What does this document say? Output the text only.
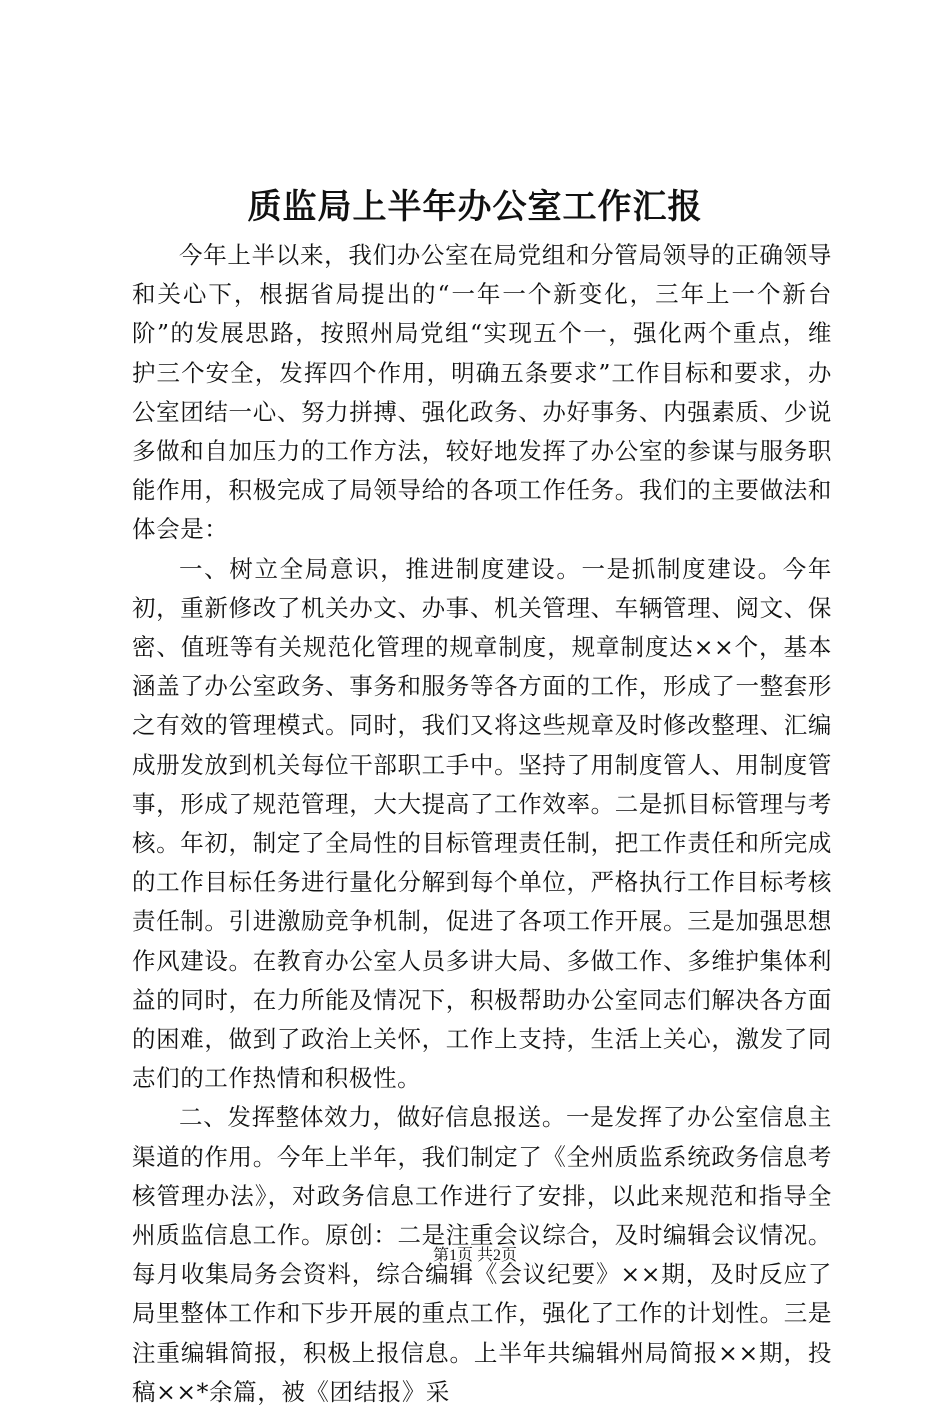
质监局上半年办公室工作汇报

今年上半以来，我们办公室在局党组和分管局领导的正确领导和关心下，根据省局提出的“一年一个新变化，三年上一个新台阶”的发展思路，按照州局党组“实现五个一，强化两个重点，维护三个安全，发挥四个作用，明确五条要求”工作目标和要求，办公室团结一心、努力拼搏、强化政务、办好事务、内强素质、少说多做和自加压力的工作方法，较好地发挥了办公室的参谋与服务职能作用，积极完成了局领导给的各项工作任务。我们的主要做法和体会是：

一、树立全局意识，推进制度建设。一是抓制度建设。今年初，重新修改了机关办文、办事、机关管理、车辆管理、阅文、保密、值班等有关规范化管理的规章制度，规章制度达××个，基本涵盖了办公室政务、事务和服务等各方面的工作，形成了一整套形之有效的管理模式。同时，我们又将这些规章及时修改整理、汇编成册发放到机关每位干部职工手中。坚持了用制度管人、用制度管事，形成了规范管理，大大提高了工作效率。二是抓目标管理与考核。年初，制定了全局性的目标管理责任制，把工作责任和所完成的工作目标任务进行量化分解到每个单位，严格执行工作目标考核责任制。引进激励竞争机制，促进了各项工作开展。三是加强思想作风建设。在教育办公室人员多讲大局、多做工作、多维护集体利益的同时，在力所能及情况下，积极帮助办公室同志们解决各方面的困难，做到了政治上关怀，工作上支持，生活上关心，激发了同志们的工作热情和积极性。

二、发挥整体效力，做好信息报送。一是发挥了办公室信息主渠道的作用。今年上半年，我们制定了《全州质监系统政务信息考核管理办法》，对政务信息工作进行了安排，以此来规范和指导全州质监信息工作。原创：二是注重会议综合，及时编辑会议情况。每月收集局务会资料，综合编辑《会议纪要》××期，及时反应了局里整体工作和下步开展的重点工作，强化了工作的计划性。三是注重编辑简报，积极上报信息。上半年共编辑州局简报××期，投稿××*余篇，被《团结报》采

第1页 共2页
